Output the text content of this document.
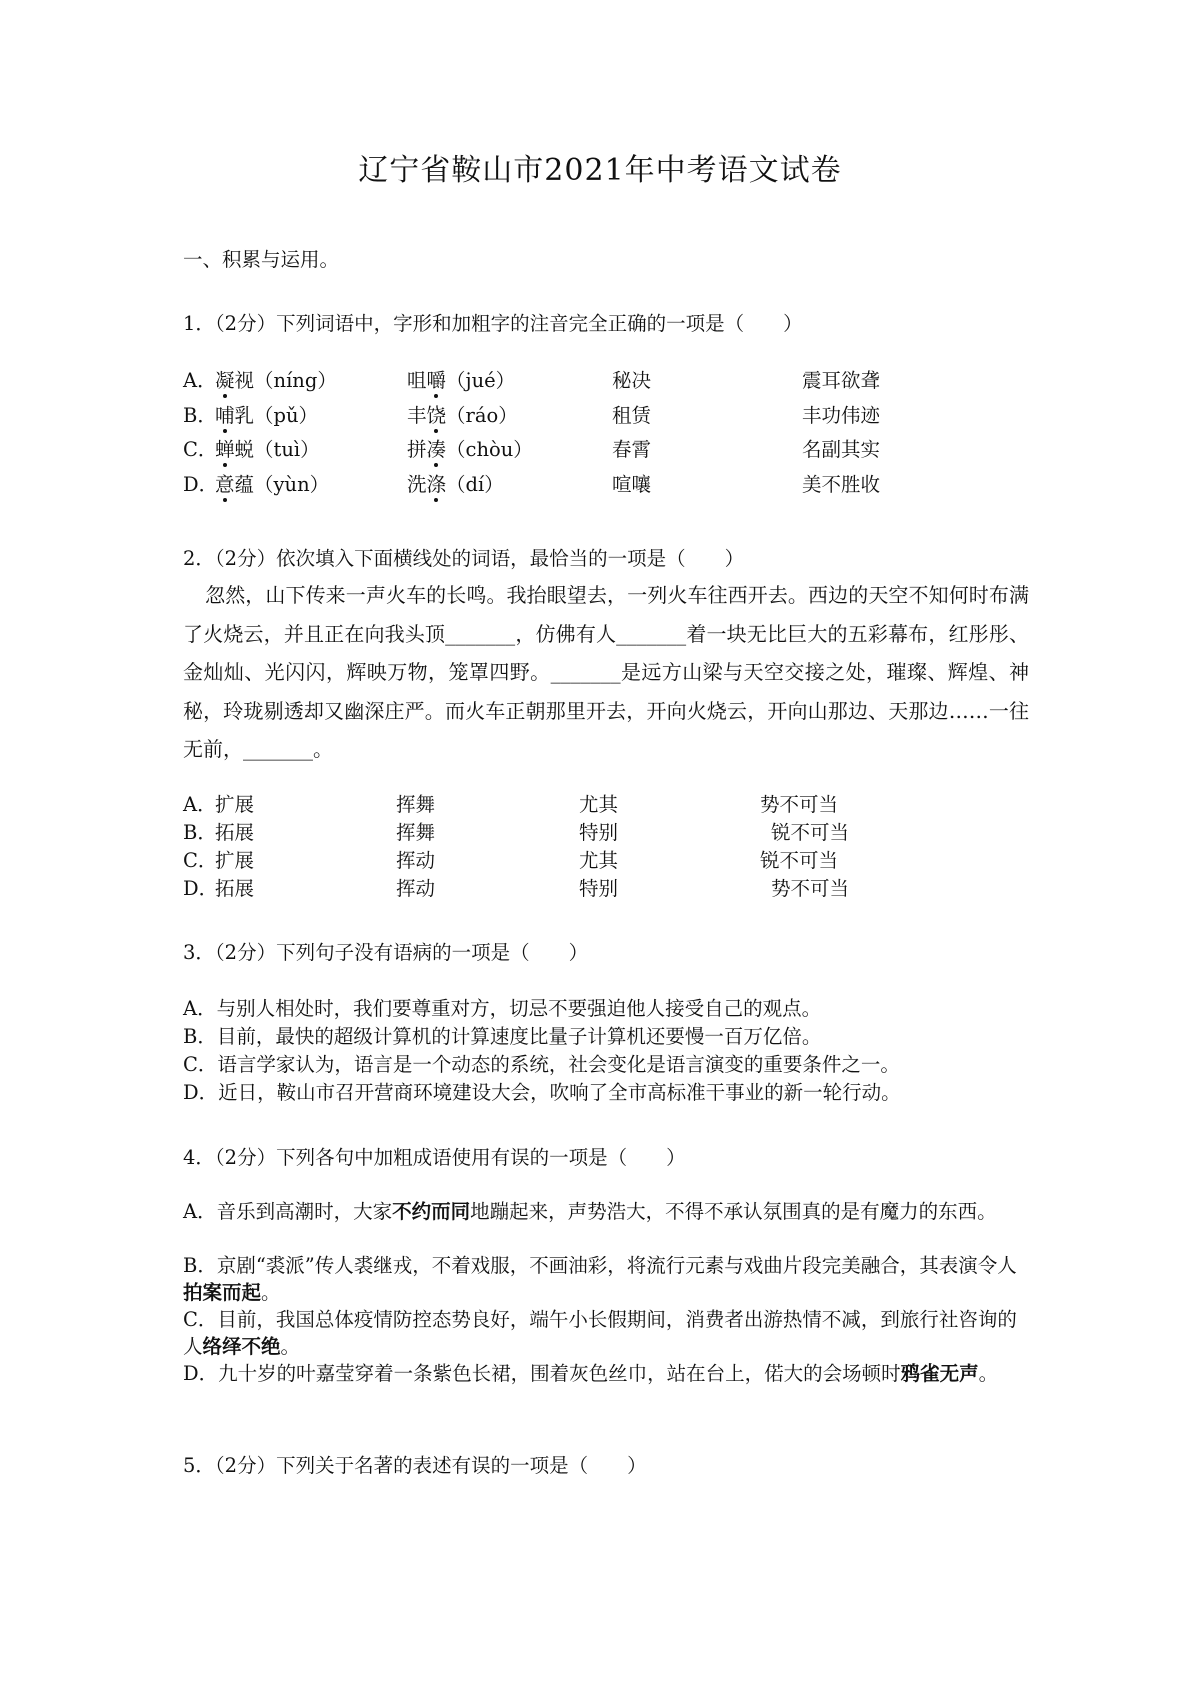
辽宁省鞍山市2021年中考语文试卷
一、积累与运用。
1．（2分）下列词语中，字形和加粗字的注音完全正确的一项是（　　）
A．
凝视（níng）	咀嚼（jué）	秘决	震耳欲聋
B．
哺乳（pǔ）	丰饶（ráo）	租赁	丰功伟迹
C．
蝉蜕（tuì）	拼凑（chòu）	春霄	名副其实
D．
意蕴（yùn）	洗涤（dí）	喧嚷	美不胜收
2．（2分）依次填入下面横线处的词语，最恰当的一项是（　　）
忽然，山下传来一声火车的长鸣。我抬眼望去，一列火车往西开去。西边的天空不知何时布满了火烧云，并且正在向我头顶_______，仿佛有人_______着一块无比巨大的五彩幕布，红彤彤、金灿灿、光闪闪，辉映万物，笼罩四野。_______是远方山梁与天空交接之处，璀璨、辉煌、神秘，玲珑剔透却又幽深庄严。而火车正朝那里开去，开向火烧云，开向山那边、天那边……一往无前，_______。
A．
扩展	挥舞	尤其	势不可当
B．
拓展	挥舞	特别	锐不可当
C．
扩展	挥动	尤其	锐不可当
D．
拓展	挥动	特别	势不可当
3．（2分）下列句子没有语病的一项是（　　）
A．与别人相处时，我们要尊重对方，切忌不要强迫他人接受自己的观点。
B．目前，最快的超级计算机的计算速度比量子计算机还要慢一百万亿倍。
C．语言学家认为，语言是一个动态的系统，社会变化是语言演变的重要条件之一。
D．近日，鞍山市召开营商环境建设大会，吹响了全市高标准干事业的新一轮行动。
4．（2分）下列各句中加粗成语使用有误的一项是（　　）
A．音乐到高潮时，大家不约而同地蹦起来，声势浩大，不得不承认氛围真的是有魔力的东西。
B．京剧“裘派”传人裘继戎，不着戏服，不画油彩，将流行元素与戏曲片段完美融合，其表演令人拍案而起。
C．目前，我国总体疫情防控态势良好，端午小长假期间，消费者出游热情不减，到旅行社咨询的人络绎不绝。
D．九十岁的叶嘉莹穿着一条紫色长裙，围着灰色丝巾，站在台上，偌大的会场顿时鸦雀无声。
5．（2分）下列关于名著的表述有误的一项是（　　）
